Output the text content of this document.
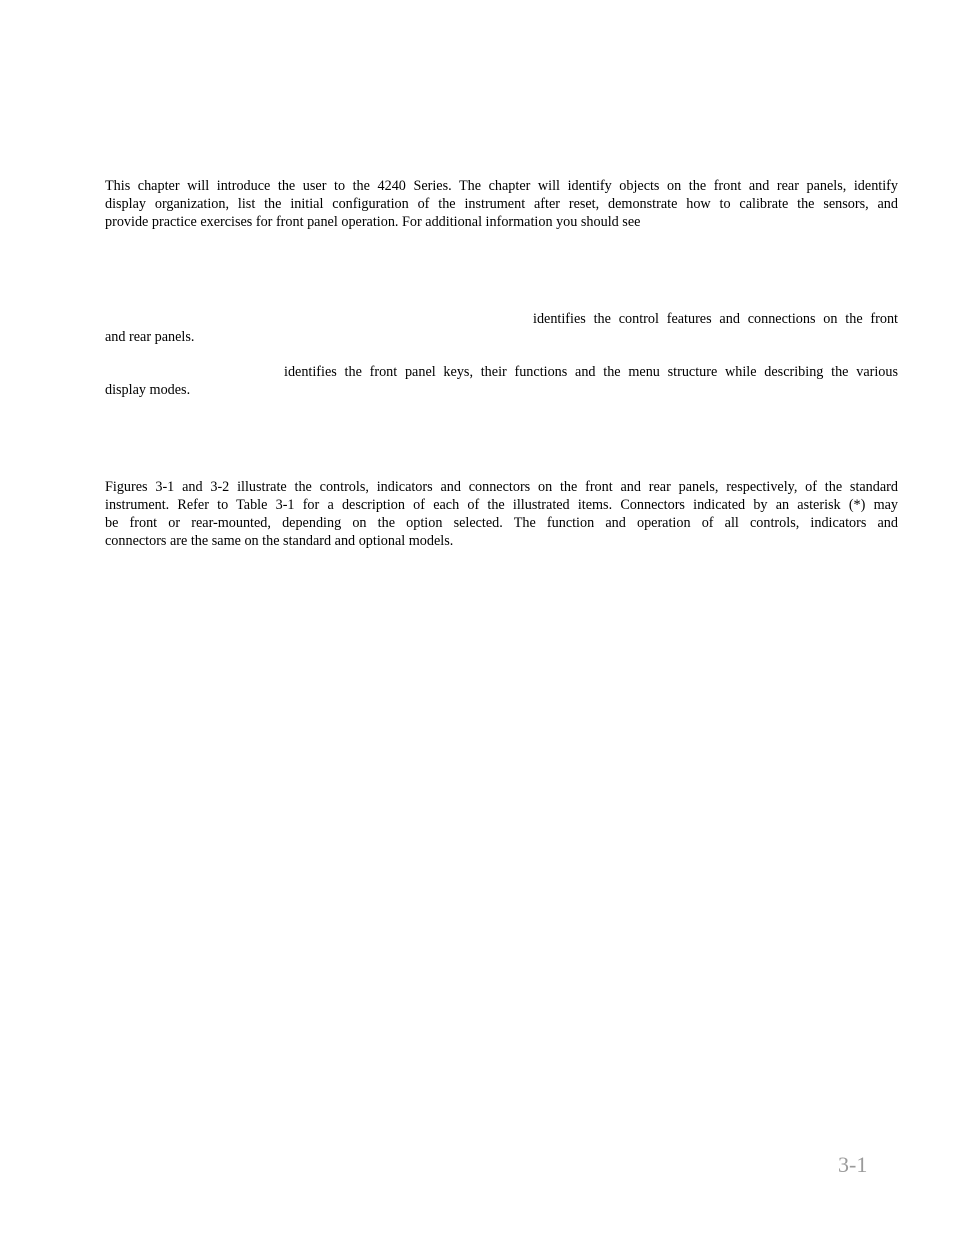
This chapter will introduce the user to the 4240 Series. The chapter will identify objects on the front and rear panels, identify
display organization, list the initial configuration of the instrument after reset, demonstrate how to calibrate the sensors, and
provide practice exercises for front panel operation. For additional information you should see
identifies the control features and connections on the front
and rear panels.
identifies the front panel keys, their functions and the menu structure while describing the various
display modes.
Figures 3-1 and 3-2 illustrate the controls, indicators and connectors on the front and rear panels, respectively, of the standard
instrument. Refer to Table 3-1 for a description of each of the illustrated items. Connectors indicated by an asterisk (*) may
be front or rear-mounted, depending on the option selected. The function and operation of all controls, indicators and
connectors are the same on the standard and optional models.
3-1
